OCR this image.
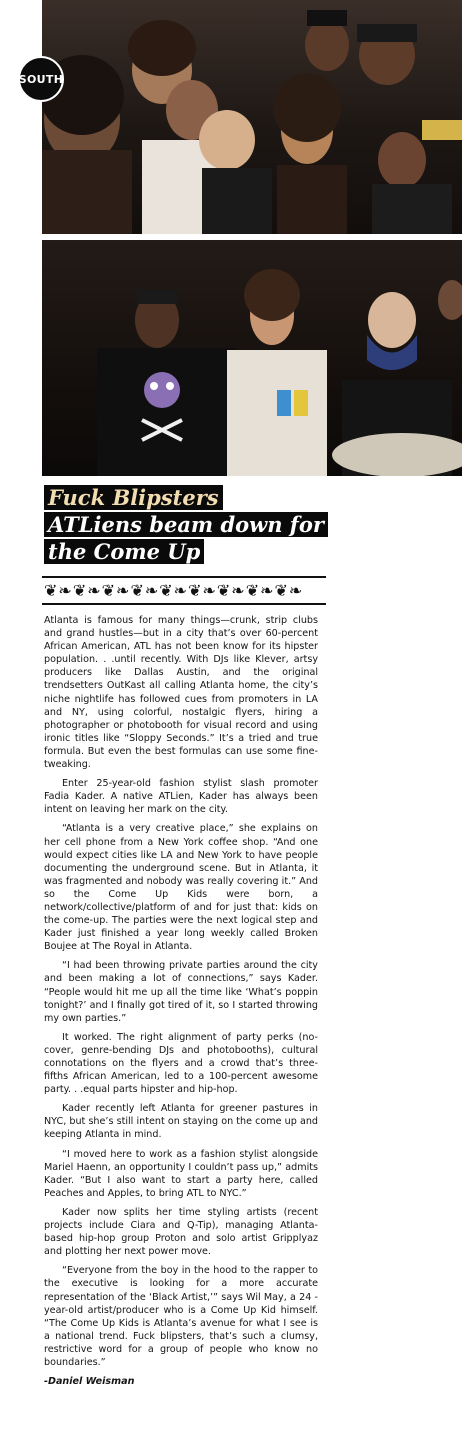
SOUTH
Fuck Blipsters
ATLiens beam down for
the Come Up
❦❧❦❧❦❧❦❧❦❧❦❧❦❧❦❧❦❧

Atlanta is famous for many things—crunk, strip clubs and grand hustles—but in a city that’s over 60-percent African American, ATL has not been know for its hipster population. . .until recently. With DJs like Klever, artsy producers like Dallas Austin, and the original trendsetters OutKast all calling Atlanta home, the city’s niche nightlife has followed cues from promoters in LA and NY, using colorful, nostalgic flyers, hiring a photographer or photobooth for visual record and using ironic titles like “Sloppy Seconds.” It’s a tried and true formula. But even the best formulas can use some fine-tweaking.

Enter 25-year-old fashion stylist slash promoter Fadia Kader. A native ATLien, Kader has always been intent on leaving her mark on the city.

“Atlanta is a very creative place,” she explains on her cell phone from a New York coffee shop. “And one would expect cities like LA and New York to have people documenting the underground scene. But in Atlanta, it was fragmented and nobody was really covering it.” And so the Come Up Kids were born, a network/collective/platform of and for just that: kids on the come-up. The parties were the next logical step and Kader just finished a year long weekly called Broken Boujee at The Royal in Atlanta.

“I had been throwing private parties around the city and been making a lot of connections,” says Kader. “People would hit me up all the time like ‘What’s poppin tonight?’ and I finally got tired of it, so I started throwing my own parties.”

It worked. The right alignment of party perks (no-cover, genre-bending DJs and photobooths), cultural connotations on the flyers and a crowd that’s three-fifths African American, led to a 100-percent awesome party. . .equal parts hipster and hip-hop.

Kader recently left Atlanta for greener pastures in NYC, but she’s still intent on staying on the come up and keeping Atlanta in mind.

“I moved here to work as a fashion stylist alongside Mariel Haenn, an opportunity I couldn’t pass up,” admits Kader. “But I also want to start a party here, called Peaches and Apples, to bring ATL to NYC.”

Kader now splits her time styling artists (recent projects include Ciara and Q-Tip), managing Atlanta-based hip-hop group Proton and solo artist Gripplyaz and plotting her next power move.

“Everyone from the boy in the hood to the rapper to the executive is looking for a more accurate representation of the ‘Black Artist,’” says Wil May, a 24 -year-old artist/producer who is a Come Up Kid himself. “The Come Up Kids is Atlanta’s avenue for what I see is a national trend. Fuck blipsters, that’s such a clumsy, restrictive word for a group of people who know no boundaries.”

-Daniel Weisman
